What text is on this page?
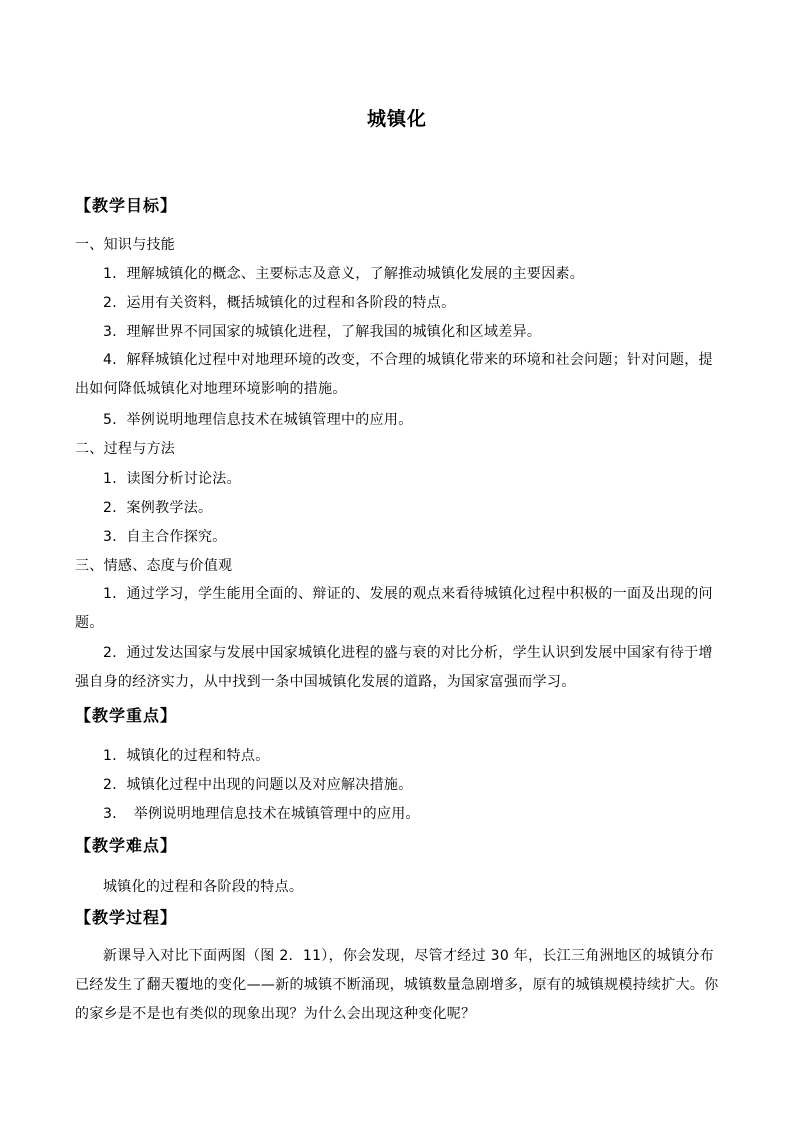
城镇化
【教学目标】
一、知识与技能
1．理解城镇化的概念、主要标志及意义，了解推动城镇化发展的主要因素。
2．运用有关资料，概括城镇化的过程和各阶段的特点。
3．理解世界不同国家的城镇化进程，了解我国的城镇化和区域差异。
4．解释城镇化过程中对地理环境的改变，不合理的城镇化带来的环境和社会问题；针对问题，提出如何降低城镇化对地理环境影响的措施。
5．举例说明地理信息技术在城镇管理中的应用。
二、过程与方法
1．读图分析讨论法。
2．案例教学法。
3．自主合作探究。
三、情感、态度与价值观
1．通过学习，学生能用全面的、辩证的、发展的观点来看待城镇化过程中积极的一面及出现的问题。
2．通过发达国家与发展中国家城镇化进程的盛与衰的对比分析，学生认识到发展中国家有待于增强自身的经济实力，从中找到一条中国城镇化发展的道路，为国家富强而学习。
【教学重点】
1．城镇化的过程和特点。
2．城镇化过程中出现的问题以及对应解决措施。
3．　举例说明地理信息技术在城镇管理中的应用。
【教学难点】
城镇化的过程和各阶段的特点。
【教学过程】
新课导入对比下面两图（图 2．11），你会发现，尽管才经过 30 年，长江三角洲地区的城镇分布已经发生了翻天覆地的变化——新的城镇不断涌现，城镇数量急剧增多，原有的城镇规模持续扩大。你的家乡是不是也有类似的现象出现？为什么会出现这种变化呢？
